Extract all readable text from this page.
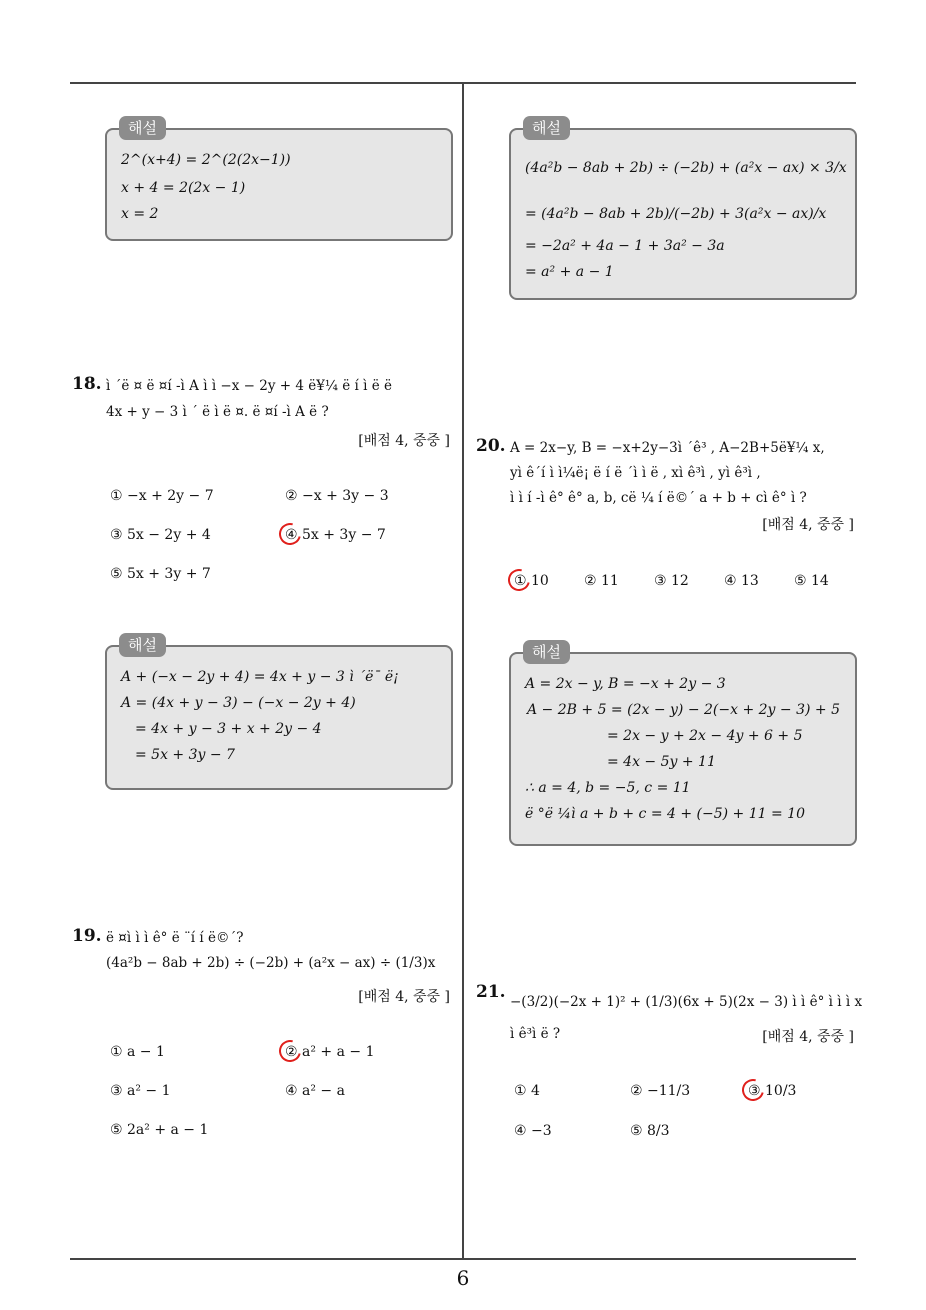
6
해설
2^(x+4) = 2^(2(2x−1))
x + 4 = 2(2x − 1)
x = 2
해설
(4a²b − 8ab + 2b) ÷ (−2b) + (a²x − ax) × 3/x
= (4a²b − 8ab + 2b)/(−2b) + 3(a²x − ax)/x
= −2a² + 4a − 1 + 3a² − 3a
= a² + a − 1
18. ì ´ë ¤ ë ¤í -ì A ì ì −x − 2y + 4 ë¥¼ ë í ì ë ë
4x + y − 3 ì ´ ë ì ë ¤. ë ¤í -ì A ë ?
[배점 4, 중중 ]
① −x + 2y − 7	② −x + 3y − 3
③ 5x − 2y + 4	④ 5x + 3y − 7
⑤ 5x + 3y + 7
해설
A + (−x − 2y + 4) = 4x + y − 3 ì ´ë¯ ë¡
A = (4x + y − 3) − (−x − 2y + 4)
= 4x + y − 3 + x + 2y − 4
= 5x + 3y − 7
20. A = 2x−y, B = −x+2y−3ì ´ê³ , A−2B+5ë¥¼ x,
yì ê´í ì ì¼ë¡ ë í ë ´ì ì ë , xì ê³ì , yì ê³ì ,
ì ì í -ì ê° ê° a, b, cë ¼ í ë©´ a + b + cì ê° ì ?
[배점 4, 중중 ]
① 10	② 11	③ 12	④ 13	⑤ 14
해설
A = 2x − y, B = −x + 2y − 3
A − 2B + 5 = (2x − y) − 2(−x + 2y − 3) + 5
= 2x − y + 2x − 4y + 6 + 5
= 4x − 5y + 11
∴ a = 4, b = −5, c = 11
ë °ë ¼ì a + b + c = 4 + (−5) + 11 = 10
19. ë ¤ì ì ì ê° ë ¨í í ë©´?
(4a²b − 8ab + 2b) ÷ (−2b) + (a²x − ax) ÷ (1/3)x
[배점 4, 중중 ]
① a − 1	② a² + a − 1
③ a² − 1	④ a² − a
⑤ 2a² + a − 1
21. −(3/2)(−2x + 1)² + (1/3)(6x + 5)(2x − 3) ì ì ê° ì ì ì x
ì ê³ì ë ?	[배점 4, 중중 ]
① 4	② −11/3	③ 10/3
④ −3	⑤ 8/3
